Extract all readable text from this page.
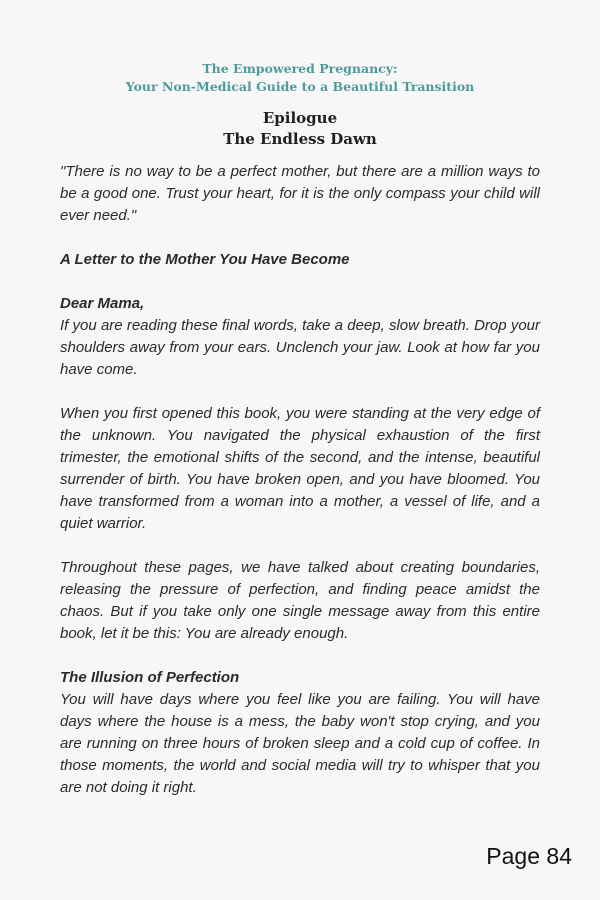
The Empowered Pregnancy:
Your Non-Medical Guide to a Beautiful Transition
Epilogue
The Endless Dawn

"There is no way to be a perfect mother, but there are a million ways to be a good one. Trust your heart, for it is the only compass your child will ever need."

A Letter to the Mother You Have Become

Dear Mama,
If you are reading these final words, take a deep, slow breath. Drop your shoulders away from your ears. Unclench your jaw. Look at how far you have come.

When you first opened this book, you were standing at the very edge of the unknown. You navigated the physical exhaustion of the first trimester, the emotional shifts of the second, and the intense, beautiful surrender of birth. You have broken open, and you have bloomed. You have transformed from a woman into a mother, a vessel of life, and a quiet warrior.

Throughout these pages, we have talked about creating boundaries, releasing the pressure of perfection, and finding peace amidst the chaos. But if you take only one single message away from this entire book, let it be this: You are already enough.

The Illusion of Perfection
You will have days where you feel like you are failing. You will have days where the house is a mess, the baby won't stop crying, and you are running on three hours of broken sleep and a cold cup of coffee. In those moments, the world and social media will try to whisper that you are not doing it right.

Page 84
